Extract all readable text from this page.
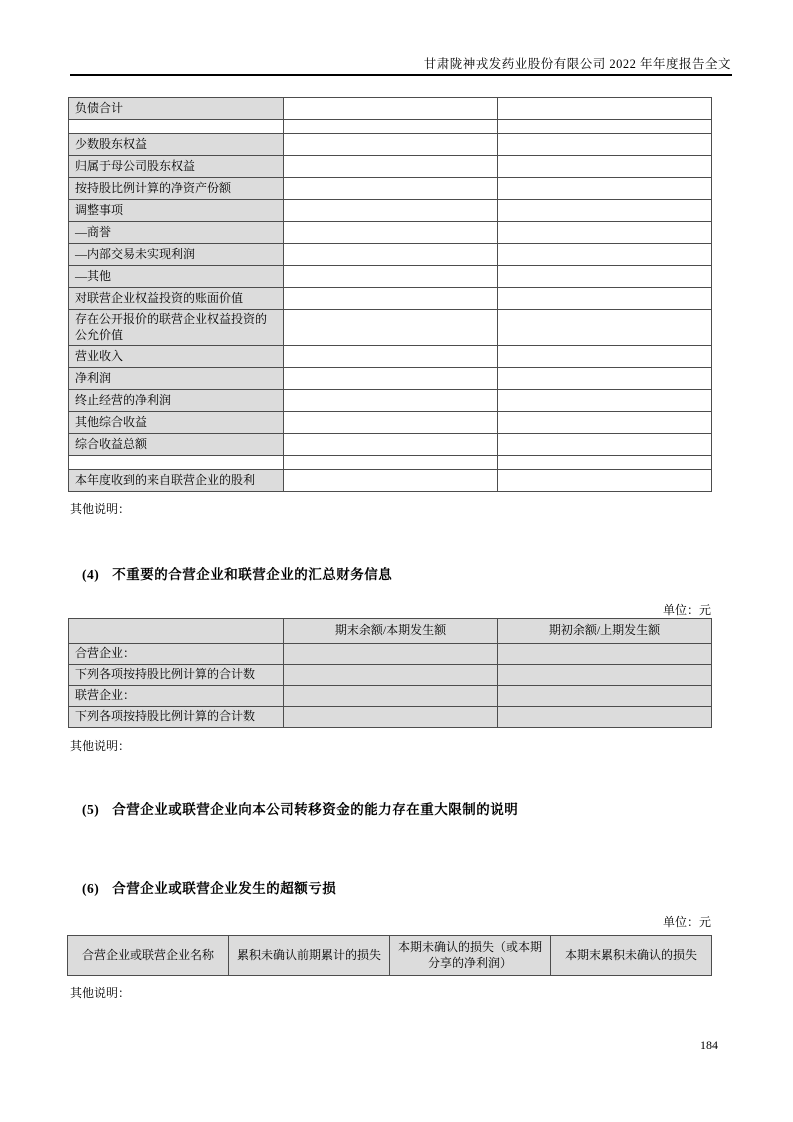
甘肃陇神戎发药业股份有限公司 2022 年年度报告全文
负债合计		

少数股东权益		
归属于母公司股东权益		
按持股比例计算的净资产份额		
调整事项		
—商誉		
—内部交易未实现利润		
—其他		
对联营企业权益投资的账面价值		
存在公开报价的联营企业权益投资的公允价值		
营业收入		
净利润		
终止经营的净利润		
其他综合收益		
综合收益总额		

本年度收到的来自联营企业的股利		
其他说明：
(4) 不重要的合营企业和联营企业的汇总财务信息
单位：元
	期末余额/本期发生额	期初余额/上期发生额
合营企业：		
下列各项按持股比例计算的合计数		
联营企业：		
下列各项按持股比例计算的合计数		
其他说明：
(5) 合营企业或联营企业向本公司转移资金的能力存在重大限制的说明
(6) 合营企业或联营企业发生的超额亏损
单位：元
合营企业或联营企业名称	累积未确认前期累计的损失	本期未确认的损失（或本期分享的净利润）	本期末累积未确认的损失
其他说明：
184
